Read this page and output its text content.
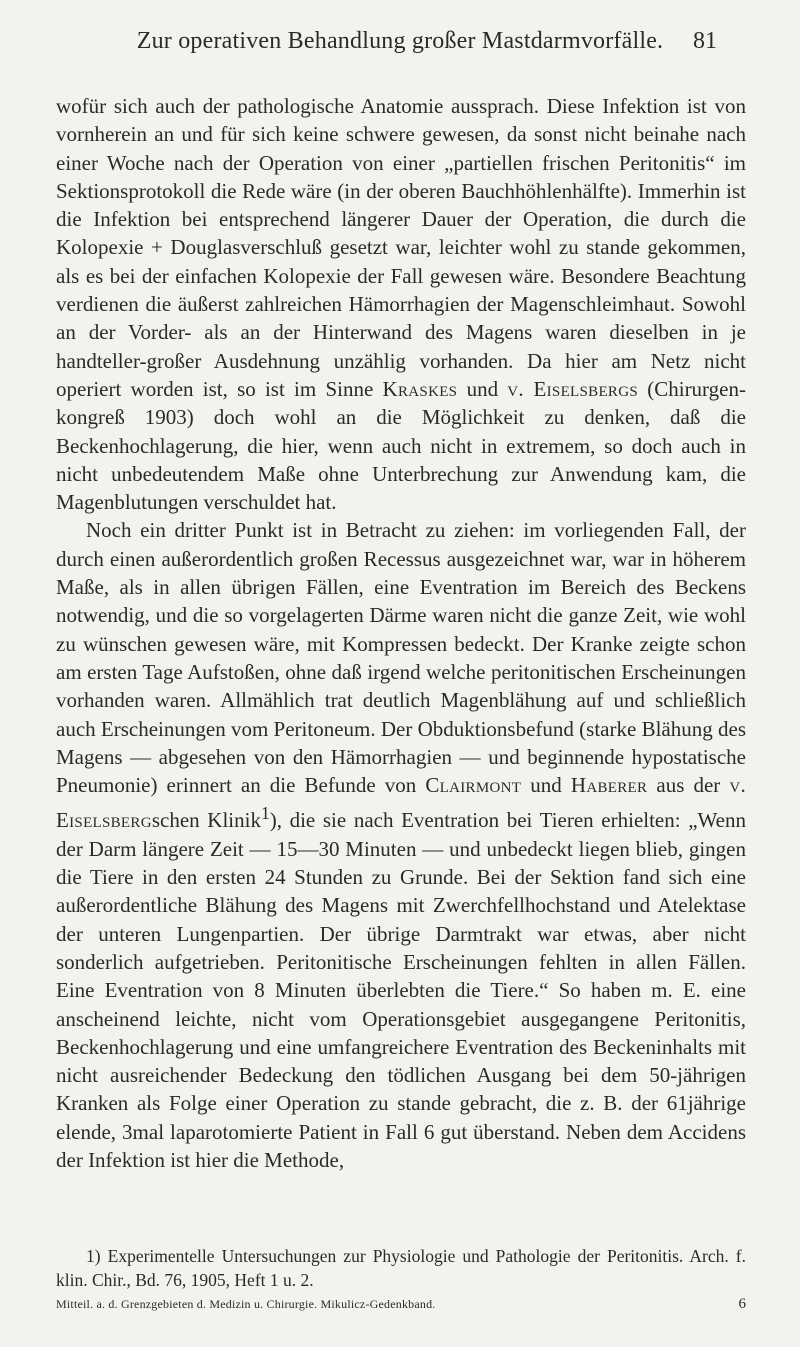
Zur operativen Behandlung großer Mastdarmvorfälle.	81

wofür sich auch der pathologische Anatomie aussprach. Diese Infektion ist von vornherein an und für sich keine schwere gewesen, da sonst nicht beinahe nach einer Woche nach der Operation von einer „partiellen frischen Peritonitis“ im Sektionsprotokoll die Rede wäre (in der oberen Bauchhöhlenhälfte). Immerhin ist die Infektion bei entsprechend längerer Dauer der Operation, die durch die Kolopexie + Douglasverschluß gesetzt war, leichter wohl zu stande gekommen, als es bei der einfachen Kolopexie der Fall gewesen wäre. Besondere Beachtung verdienen die äußerst zahlreichen Hämorrhagien der Magenschleimhaut. Sowohl an der Vorder- als an der Hinterwand des Magens waren dieselben in je handteller-großer Ausdehnung unzählig vorhanden. Da hier am Netz nicht operiert worden ist, so ist im Sinne Kraskes und v. Eiselsbergs (Chirurgen-kongreß 1903) doch wohl an die Möglichkeit zu denken, daß die Beckenhochlagerung, die hier, wenn auch nicht in extremem, so doch auch in nicht unbedeutendem Maße ohne Unterbrechung zur Anwendung kam, die Magenblutungen verschuldet hat.

Noch ein dritter Punkt ist in Betracht zu ziehen: im vorliegenden Fall, der durch einen außerordentlich großen Recessus ausgezeichnet war, war in höherem Maße, als in allen übrigen Fällen, eine Eventration im Bereich des Beckens notwendig, und die so vorgelagerten Därme waren nicht die ganze Zeit, wie wohl zu wünschen gewesen wäre, mit Kompressen bedeckt. Der Kranke zeigte schon am ersten Tage Aufstoßen, ohne daß irgend welche peritonitischen Erscheinungen vorhanden waren. Allmählich trat deutlich Magenblähung auf und schließlich auch Erscheinungen vom Peritoneum. Der Obduktionsbefund (starke Blähung des Magens — abgesehen von den Hämorrhagien — und beginnende hypostatische Pneumonie) erinnert an die Befunde von Clairmont und Haberer aus der v. Eiselsbergschen Klinik$^1$), die sie nach Eventration bei Tieren erhielten: „Wenn der Darm längere Zeit — 15—30 Minuten — und unbedeckt liegen blieb, gingen die Tiere in den ersten 24 Stunden zu Grunde. Bei der Sektion fand sich eine außerordentliche Blähung des Magens mit Zwerchfellhochstand und Atelektase der unteren Lungenpartien. Der übrige Darmtrakt war etwas, aber nicht sonderlich aufgetrieben. Peritonitische Erscheinungen fehlten in allen Fällen. Eine Eventration von 8 Minuten überlebten die Tiere.“ So haben m. E. eine anscheinend leichte, nicht vom Operationsgebiet ausgegangene Peritonitis, Beckenhochlagerung und eine umfangreichere Eventration des Beckeninhalts mit nicht ausreichender Bedeckung den tödlichen Ausgang bei dem 50-jährigen Kranken als Folge einer Operation zu stande gebracht, die z. B. der 61jährige elende, 3mal laparotomierte Patient in Fall 6 gut überstand. Neben dem Accidens der Infektion ist hier die Methode,

1) Experimentelle Untersuchungen zur Physiologie und Pathologie der Peritonitis. Arch. f. klin. Chir., Bd. 76, 1905, Heft 1 u. 2.

Mitteil. a. d. Grenzgebieten d. Medizin u. Chirurgie. Mikulicz-Gedenkband.	6
